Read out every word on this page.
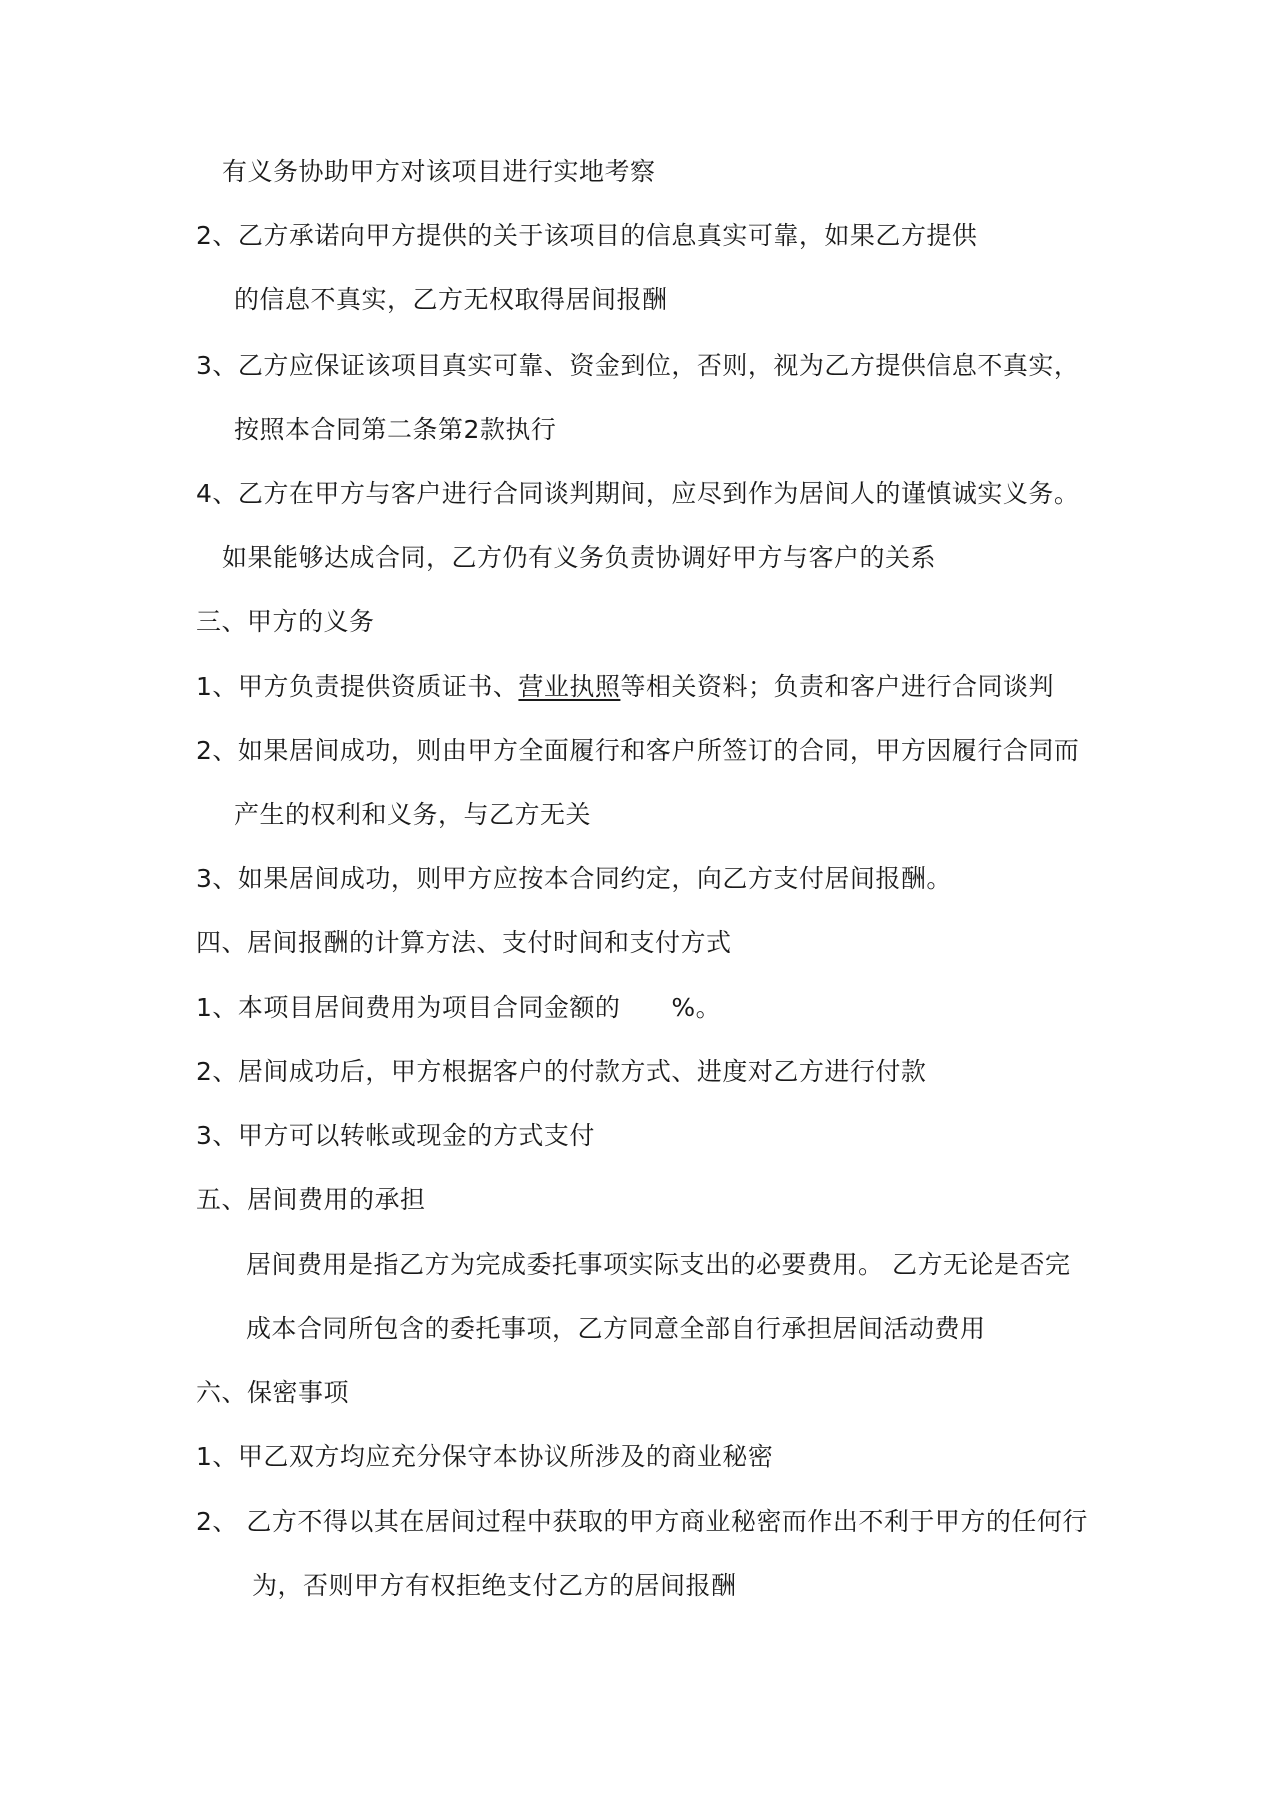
有义务协助甲方对该项目进行实地考察
2、乙方承诺向甲方提供的关于该项目的信息真实可靠，如果乙方提供
的信息不真实，乙方无权取得居间报酬
3、乙方应保证该项目真实可靠、资金到位，否则，视为乙方提供信息不真实，
按照本合同第二条第2款执行
4、乙方在甲方与客户进行合同谈判期间，应尽到作为居间人的谨慎诚实义务。
如果能够达成合同，乙方仍有义务负责协调好甲方与客户的关系
三、甲方的义务
1、甲方负责提供资质证书、营业执照等相关资料；负责和客户进行合同谈判
2、如果居间成功，则由甲方全面履行和客户所签订的合同，甲方因履行合同而
产生的权利和义务，与乙方无关
3、如果居间成功，则甲方应按本合同约定，向乙方支付居间报酬。
四、居间报酬的计算方法、支付时间和支付方式
1、本项目居间费用为项目合同金额的　　%。
2、居间成功后，甲方根据客户的付款方式、进度对乙方进行付款
3、甲方可以转帐或现金的方式支付
五、居间费用的承担
居间费用是指乙方为完成委托事项实际支出的必要费用。 乙方无论是否完
成本合同所包含的委托事项，乙方同意全部自行承担居间活动费用
六、保密事项
1、甲乙双方均应充分保守本协议所涉及的商业秘密
2、 乙方不得以其在居间过程中获取的甲方商业秘密而作出不利于甲方的任何行
为，否则甲方有权拒绝支付乙方的居间报酬
